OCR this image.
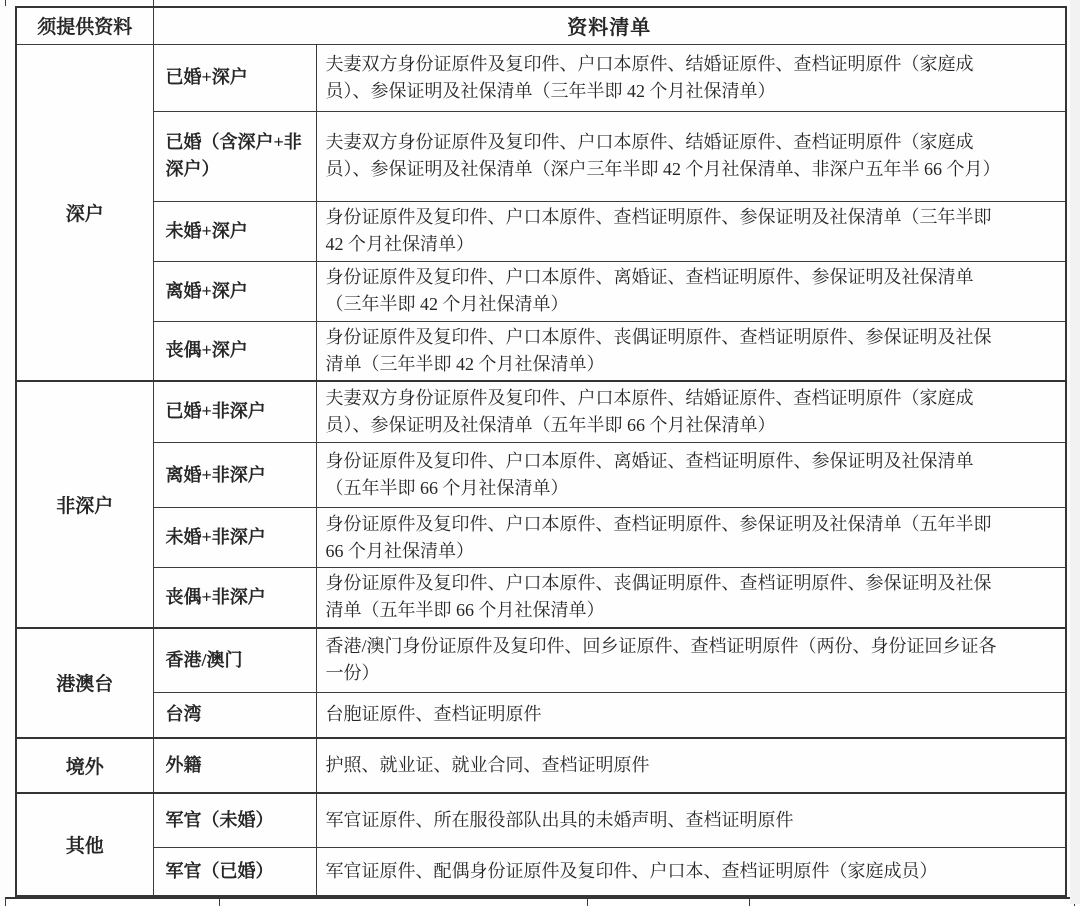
须提供资料	资料清单	
深户	已婚+深户	夫妻双方身份证原件及复印件、户口本原件、结婚证原件、查档证明原件（家庭成员）、参保证明及社保清单（三年半即 42 个月社保清单）
	已婚（含深户+非深户）	夫妻双方身份证原件及复印件、户口本原件、结婚证原件、查档证明原件（家庭成员）、参保证明及社保清单（深户三年半即 42 个月社保清单、非深户五年半 66 个月）
	未婚+深户	身份证原件及复印件、户口本原件、查档证明原件、参保证明及社保清单（三年半即 42 个月社保清单）
	离婚+深户	身份证原件及复印件、户口本原件、离婚证、查档证明原件、参保证明及社保清单（三年半即 42 个月社保清单）
	丧偶+深户	身份证原件及复印件、户口本原件、丧偶证明原件、查档证明原件、参保证明及社保清单（三年半即 42 个月社保清单）
非深户	已婚+非深户	夫妻双方身份证原件及复印件、户口本原件、结婚证原件、查档证明原件（家庭成员）、参保证明及社保清单（五年半即 66 个月社保清单）
	离婚+非深户	身份证原件及复印件、户口本原件、离婚证、查档证明原件、参保证明及社保清单（五年半即 66 个月社保清单）
	未婚+非深户	身份证原件及复印件、户口本原件、查档证明原件、参保证明及社保清单（五年半即 66 个月社保清单）
	丧偶+非深户	身份证原件及复印件、户口本原件、丧偶证明原件、查档证明原件、参保证明及社保清单（五年半即 66 个月社保清单）
港澳台	香港/澳门	香港/澳门身份证原件及复印件、回乡证原件、查档证明原件（两份、身份证回乡证各一份）
	台湾	台胞证原件、查档证明原件
境外	外籍	护照、就业证、就业合同、查档证明原件
其他	军官（未婚）	军官证原件、所在服役部队出具的未婚声明、查档证明原件
	军官（已婚）	军官证原件、配偶身份证原件及复印件、户口本、查档证明原件（家庭成员）
